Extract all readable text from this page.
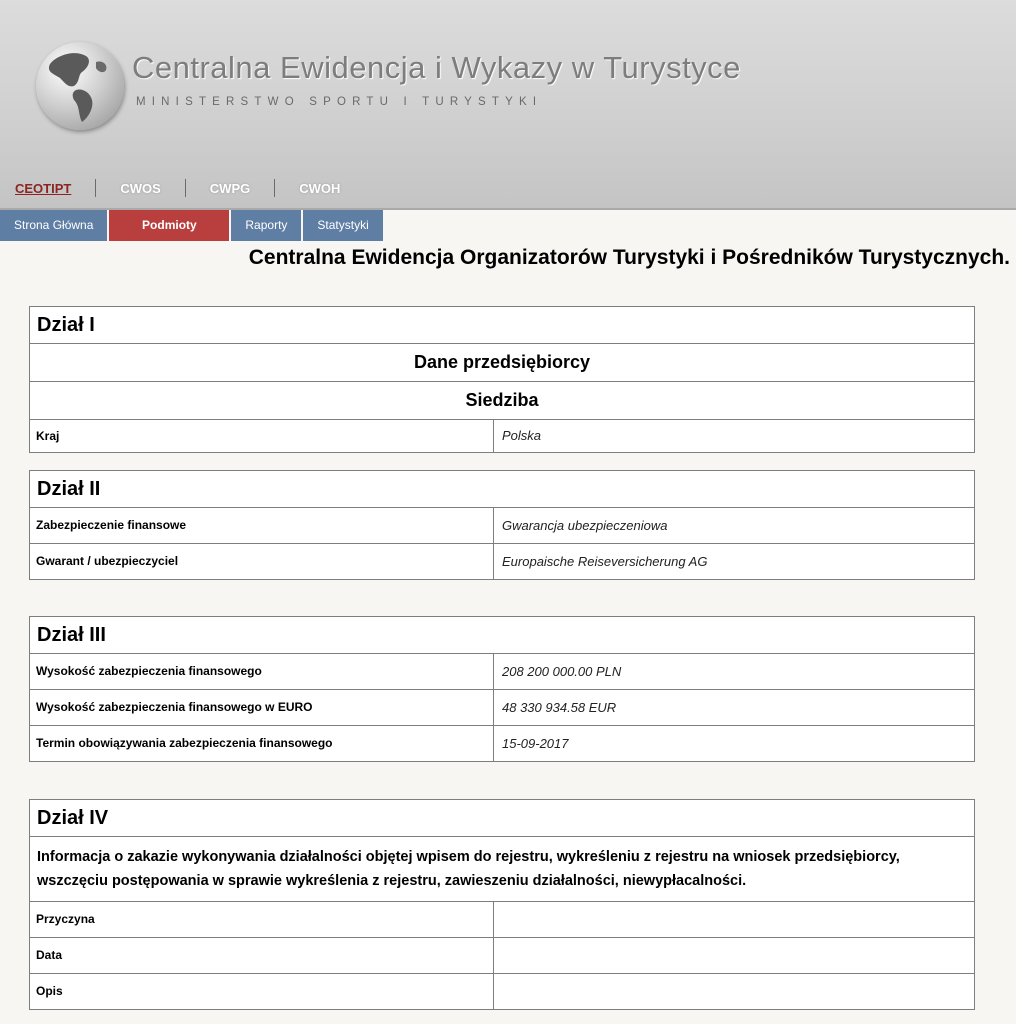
Centralna Ewidencja i Wykazy w Turystyce
MINISTERSTWO SPORTU I TURYSTYKI
CEOTIPT	CWOS	CWPG	CWOH
Strona Główna	Podmioty	Raporty	Statystyki
Centralna Ewidencja Organizatorów Turystyki i Pośredników Turystycznych.
Dział I
Dane przedsiębiorcy
Siedziba
Kraj	Polska
Dział II
Zabezpieczenie finansowe	Gwarancja ubezpieczeniowa
Gwarant / ubezpieczyciel	Europaische Reiseversicherung AG
Dział III
Wysokość zabezpieczenia finansowego	208 200 000.00 PLN
Wysokość zabezpieczenia finansowego w EURO	48 330 934.58 EUR
Termin obowiązywania zabezpieczenia finansowego	15-09-2017
Dział IV
Informacja o zakazie wykonywania działalności objętej wpisem do rejestru, wykreśleniu z rejestru na wniosek przedsiębiorcy, wszczęciu postępowania w sprawie wykreślenia z rejestru, zawieszeniu działalności, niewypłacalności.
Przyczyna
Data
Opis
